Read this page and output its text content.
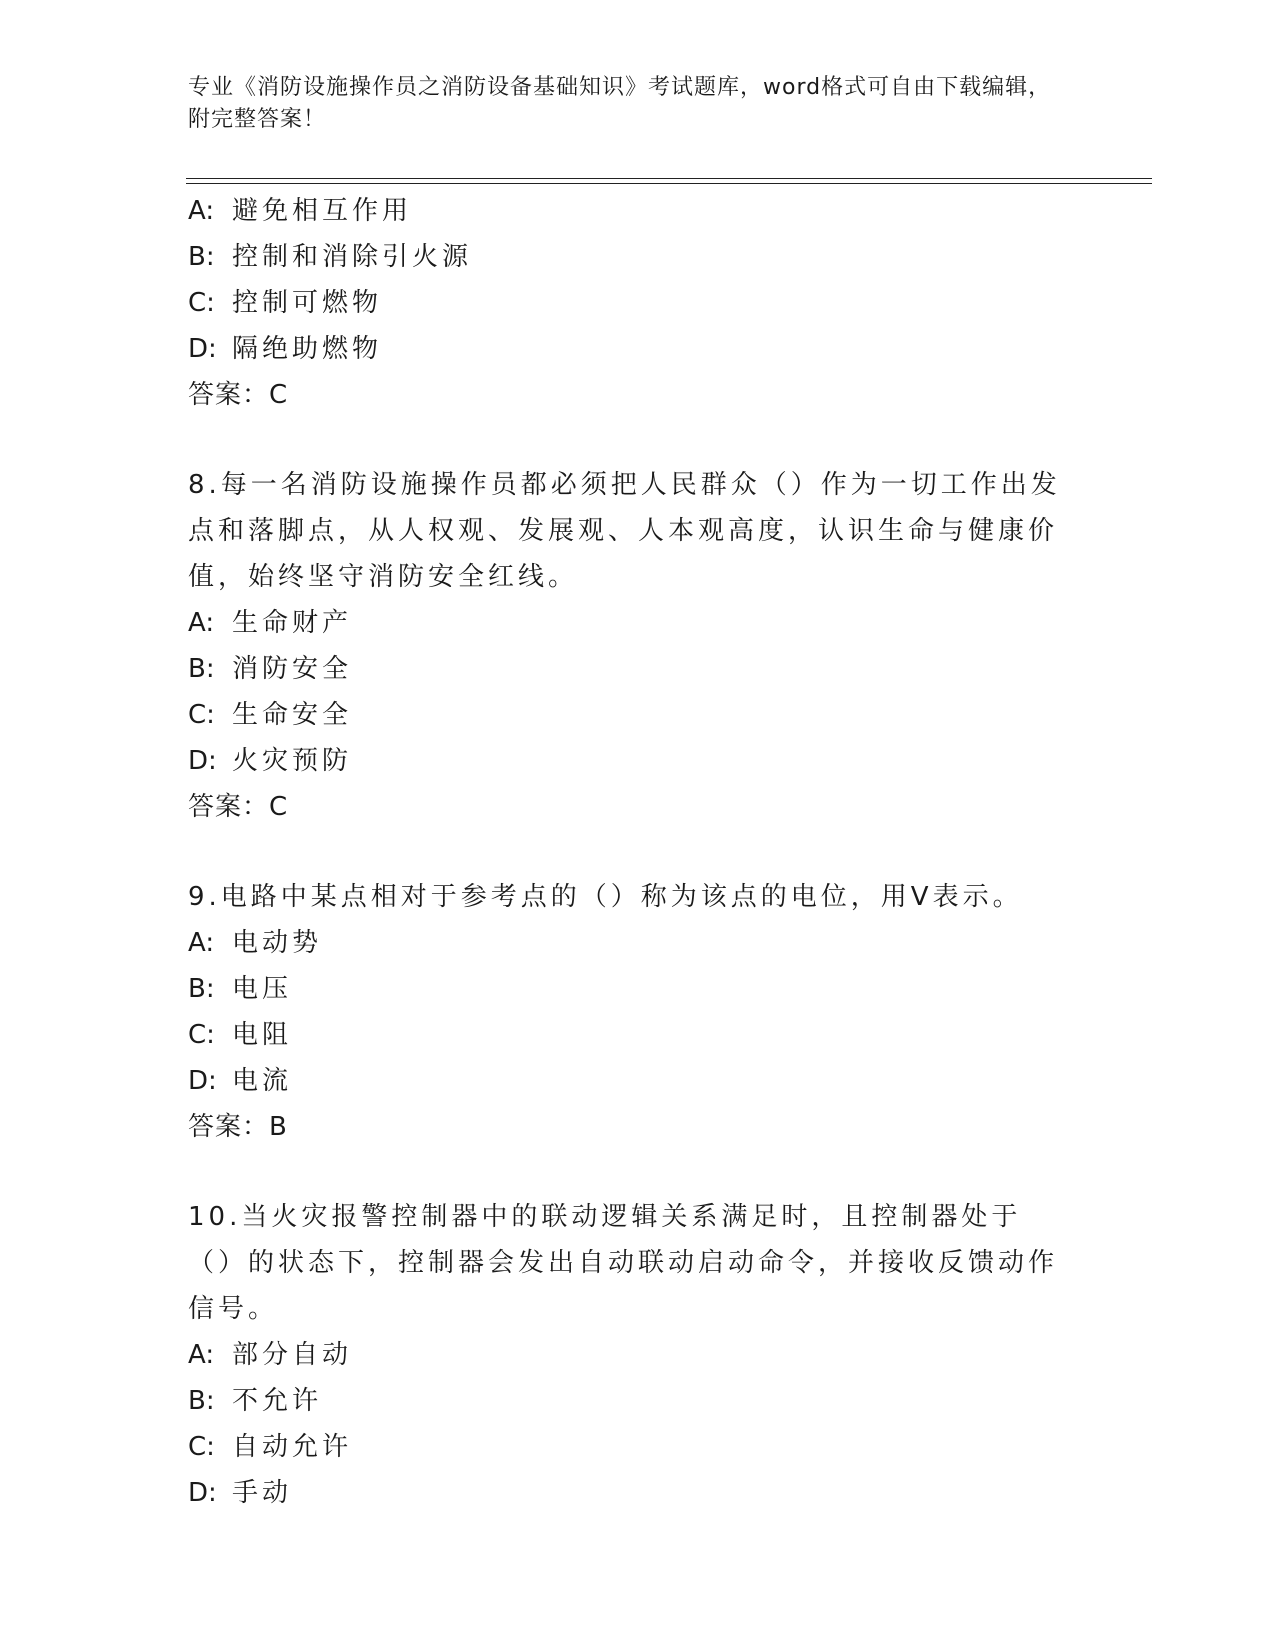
专业《消防设施操作员之消防设备基础知识》考试题库，word格式可自由下载编辑，附完整答案！
A: 避免相互作用
B: 控制和消除引火源
C: 控制可燃物
D: 隔绝助燃物
答案：C
8.每一名消防设施操作员都必须把人民群众（）作为一切工作出发点和落脚点，从人权观、发展观、人本观高度，认识生命与健康价值，始终坚守消防安全红线。
A: 生命财产
B: 消防安全
C: 生命安全
D: 火灾预防
答案：C
9.电路中某点相对于参考点的（）称为该点的电位，用V表示。
A: 电动势
B: 电压
C: 电阻
D: 电流
答案：B
10.当火灾报警控制器中的联动逻辑关系满足时，且控制器处于（）的状态下，控制器会发出自动联动启动命令，并接收反馈动作信号。
A: 部分自动
B: 不允许
C: 自动允许
D: 手动
